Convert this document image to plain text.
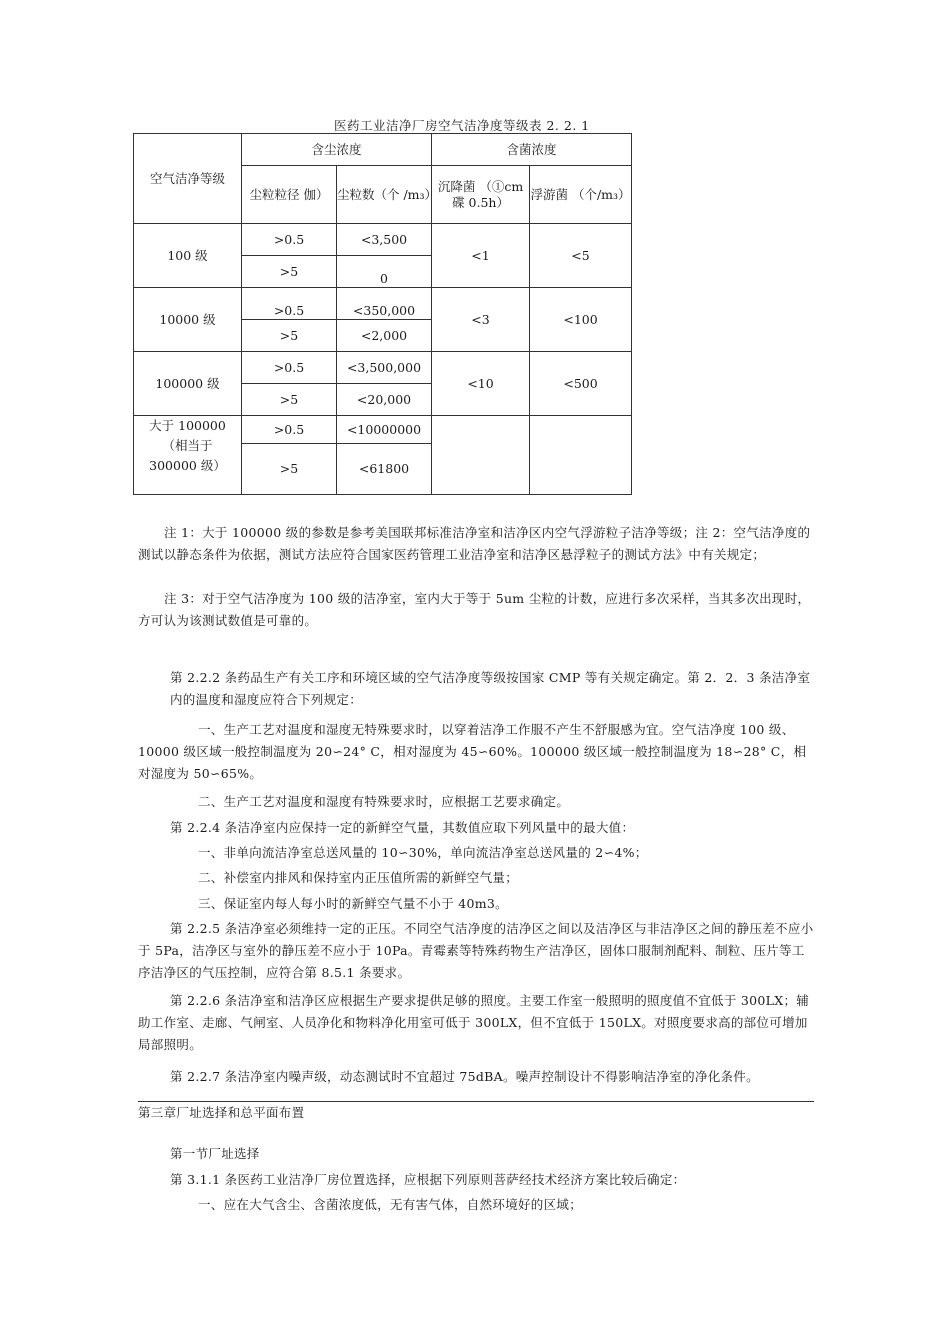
医药工业洁净厂房空气洁净度等级表 2. 2. 1
空气洁净等级	含尘浓度		含菌浓度	
	尘粒粒径 伽）	尘粒数（个 /m₃）	沉降菌 （①cm 碟 0.5h）	浮游菌 （个/m₃）
100 级	>0.5	<3,500	<1	<5
	>5	0		
10000 级	>0.5	<350,000	<3	<100
	>5	<2,000		
100000 级	>0.5	<3,500,000	<10	<500
	>5	<20,000		
大于 100000 （相当于 300000 级）	>0.5	<10000000		
	>5	<61800		
注 1：大于 100000 级的参数是参考美国联邦标准洁净室和洁净区内空气浮游粒子洁净等级；注 2：空气洁净度的测试以静态条件为依据，测试方法应符合国家医药管理工业洁净室和洁净区悬浮粒子的测试方法》中有关规定；
注 3：对于空气洁净度为 100 级的洁净室，室内大于等于 5um 尘粒的计数，应进行多次采样，当其多次出现时，方可认为该测试数值是可靠的。
第 2.2.2 条药品生产有关工序和环境区域的空气洁净度等级按国家 CMP 等有关规定确定。第 2．2．3 条洁净室内的温度和湿度应符合下列规定：
一、生产工艺对温度和湿度无特殊要求时，以穿着洁净工作服不产生不舒服感为宜。空气洁净度 100 级、10000 级区域一般控制温度为 20∽24° C，相对湿度为 45∽60%。100000 级区域一般控制温度为 18∽28° C，相对湿度为 50∽65%。
二、生产工艺对温度和湿度有特殊要求时，应根据工艺要求确定。
第 2.2.4 条洁净室内应保持一定的新鲜空气量，其数值应取下列风量中的最大值：
一、非单向流洁净室总送风量的 10∽30%，单向流洁净室总送风量的 2∽4%；
二、补偿室内排风和保持室内正压值所需的新鲜空气量；
三、保证室内每人每小时的新鲜空气量不小于 40m3。
第 2.2.5 条洁净室必须维持一定的正压。不同空气洁净度的洁净区之间以及洁净区与非洁净区之间的静压差不应小于 5Pa，洁净区与室外的静压差不应小于 10Pa。青霉素等特殊药物生产洁净区，固体口服制剂配料、制粒、压片等工序洁净区的气压控制，应符合第 8.5.1 条要求。
第 2.2.6 条洁净室和洁净区应根据生产要求提供足够的照度。主要工作室一般照明的照度值不宜低于 300LX；辅助工作室、走廊、气闸室、人员净化和物料净化用室可低于 300LX，但不宜低于 150LX。对照度要求高的部位可增加局部照明。
第 2.2.7 条洁净室内噪声级，动态测试时不宜超过 75dBA。噪声控制设计不得影响洁净室的净化条件。
第三章厂址选择和总平面布置
第一节厂址选择
第 3.1.1 条医药工业洁净厂房位置选择，应根据下列原则菩萨经技术经济方案比较后确定：
一、应在大气含尘、含菌浓度低，无有害气体，自然环境好的区域；
